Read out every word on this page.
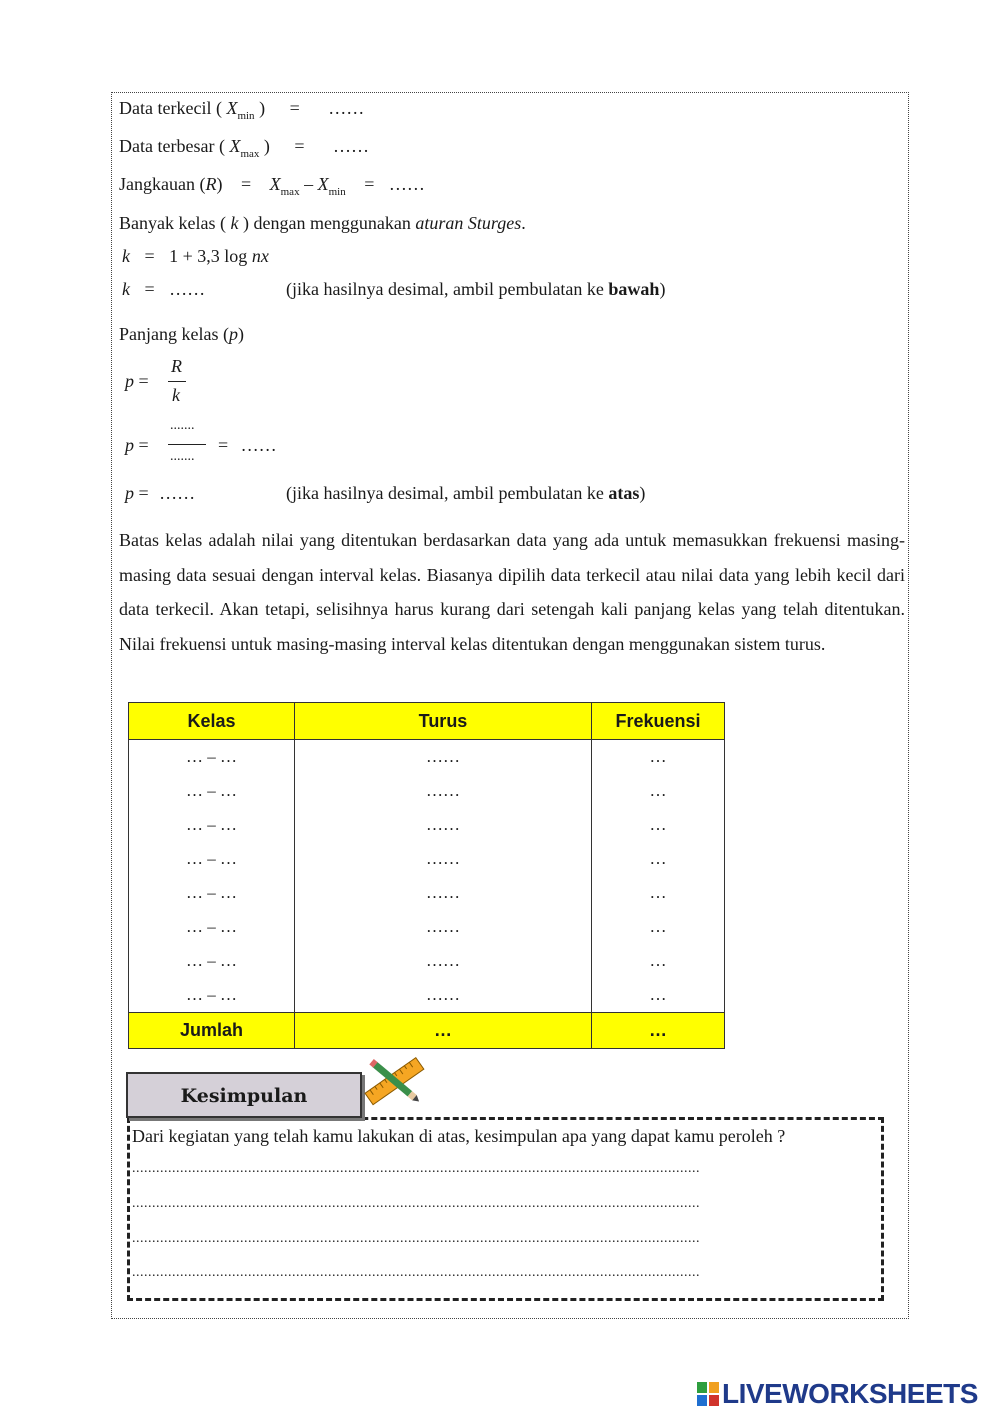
Data terkecil ( $X_{min}$ ) = ……
Data terbesar ( $X_{max}$ ) = ……
Jangkauan $(R) = X_{max} - X_{min}$ = ……
Banyak kelas ( k ) dengan menggunakan aturan Sturges.
k = 1 + 3,3 log nx
k = ……	(jika hasilnya desimal, ambil pembulatan ke bawah)
Panjang kelas (p)
p =
R
k
p =
.......
.......
= ……
p = ……	(jika hasilnya desimal, ambil pembulatan ke atas)
Batas kelas adalah nilai yang ditentukan berdasarkan data yang ada untuk memasukkan frekuensi masing-masing data sesuai dengan interval kelas. Biasanya dipilih data terkecil atau nilai data yang lebih kecil dari data terkecil. Akan tetapi, selisihnya harus kurang dari setengah kali panjang kelas yang telah ditentukan. Nilai frekuensi untuk masing-masing interval kelas ditentukan dengan menggunakan sistem turus.
Kelas	Turus	Frekuensi
… – …	……	…
… – …	……	…
… – …	……	…
… – …	……	…
… – …	……	…
… – …	……	…
… – …	……	…
… – …	……	…
Jumlah	…	…
Kesimpulan
Dari kegiatan yang telah kamu lakukan di atas, kesimpulan apa yang dapat kamu peroleh ?
..............................................................................................................................................
..............................................................................................................................................
..............................................................................................................................................
..............................................................................................................................................
LIVEWORKSHEETS
